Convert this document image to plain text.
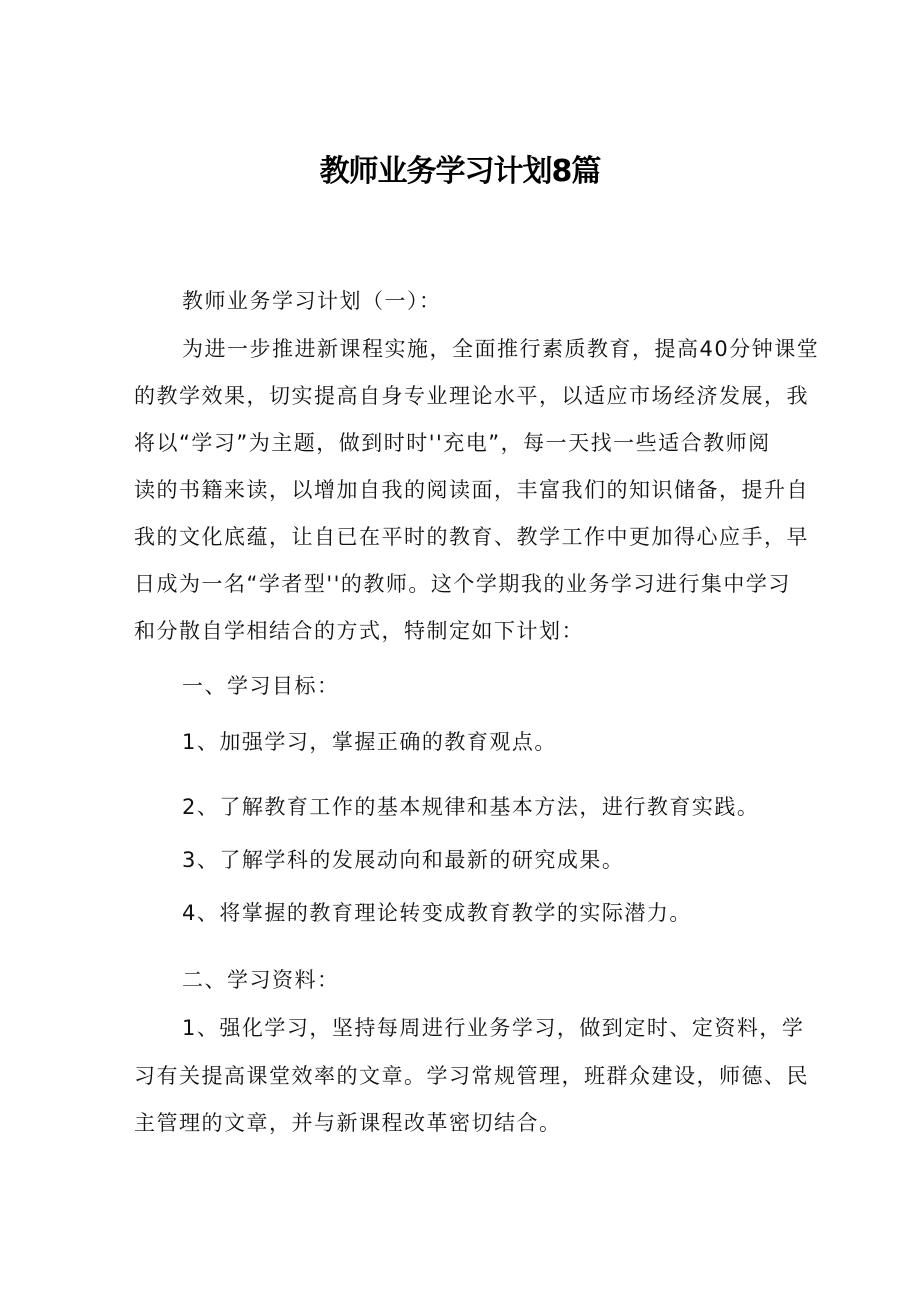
教师业务学习计划8篇
教师业务学习计划（一）：
为进一步推进新课程实施，全面推行素质教育，提高40分钟课堂
的教学效果，切实提高自身专业理论水平，以适应市场经济发展，我
将以“学习”为主题，做到时时''充电”，每一天找一些适合教师阅
读的书籍来读，以增加自我的阅读面，丰富我们的知识储备，提升自
我的文化底蕴，让自已在平时的教育、教学工作中更加得心应手，早
日成为一名“学者型''的教师。这个学期我的业务学习进行集中学习
和分散自学相结合的方式，特制定如下计划：
一、学习目标：
1、加强学习，掌握正确的教育观点。
2、了解教育工作的基本规律和基本方法，进行教育实践。
3、了解学科的发展动向和最新的研究成果。
4、将掌握的教育理论转变成教育教学的实际潜力。
二、学习资料：
1、强化学习，坚持每周进行业务学习，做到定时、定资料，学
习有关提高课堂效率的文章。学习常规管理，班群众建设，师德、民
主管理的文章，并与新课程改革密切结合。
